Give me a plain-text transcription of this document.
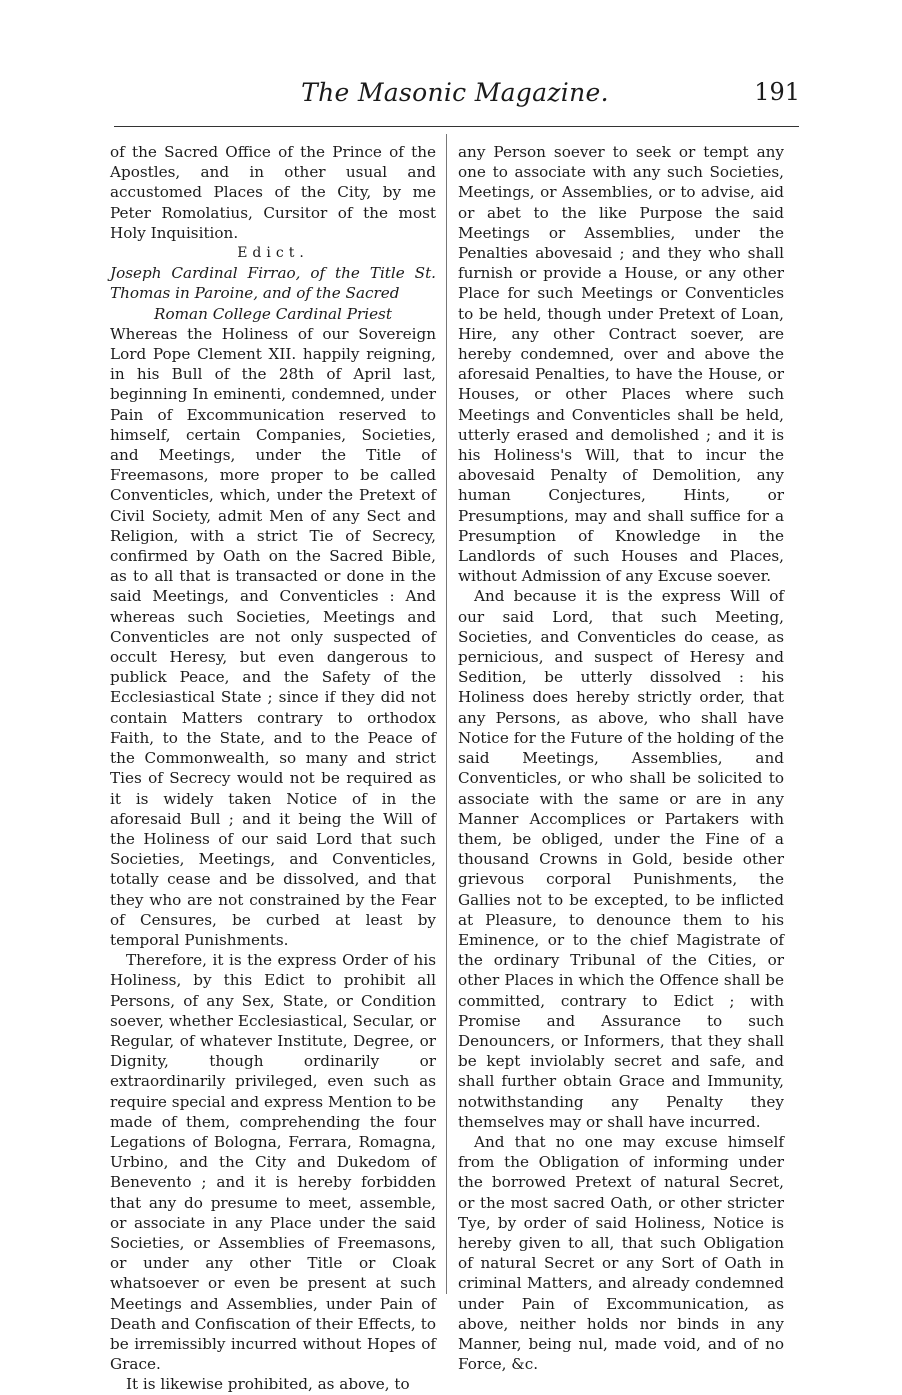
The Masonic Magazine.	191

of the Sacred Office of the Prince of the Apostles, and in other usual and accustomed Places of the City, by me Peter Romolatius, Cursitor of the most Holy Inquisition.

Edict.

Joseph Cardinal Firrao, of the Title St. Thomas in Paroine, and of the Sacred

Roman College Cardinal Priest

Whereas the Holiness of our Sovereign Lord Pope Clement XII. happily reigning, in his Bull of the 28th of April last, beginning In eminenti, condemned, under Pain of Excommunication reserved to himself, certain Companies, Societies, and Meetings, under the Title of Freemasons, more proper to be called Conventicles, which, under the Pretext of Civil Society, admit Men of any Sect and Religion, with a strict Tie of Secrecy, confirmed by Oath on the Sacred Bible, as to all that is transacted or done in the said Meetings, and Conventicles : And whereas such Societies, Meetings and Conventicles are not only suspected of occult Heresy, but even dangerous to publick Peace, and the Safety of the Ecclesiastical State ; since if they did not contain Matters contrary to orthodox Faith, to the State, and to the Peace of the Commonwealth, so many and strict Ties of Secrecy would not be required as it is widely taken Notice of in the aforesaid Bull ; and it being the Will of the Holiness of our said Lord that such Societies, Meetings, and Conventicles, totally cease and be dissolved, and that they who are not constrained by the Fear of Censures, be curbed at least by temporal Punishments.

Therefore, it is the express Order of his Holiness, by this Edict to prohibit all Persons, of any Sex, State, or Condition soever, whether Ecclesiastical, Secular, or Regular, of whatever Institute, Degree, or Dignity, though ordinarily or extraordinarily privileged, even such as require special and express Mention to be made of them, comprehending the four Legations of Bologna, Ferrara, Romagna, Urbino, and the City and Dukedom of Benevento ; and it is hereby forbidden that any do presume to meet, assemble, or associate in any Place under the said Societies, or Assemblies of Freemasons, or under any other Title or Cloak whatsoever or even be present at such Meetings and Assemblies, under Pain of Death and Confiscation of their Effects, to be irremissibly incurred without Hopes of Grace.

It is likewise prohibited, as above, to

any Person soever to seek or tempt any one to associate with any such Societies, Meetings, or Assemblies, or to advise, aid or abet to the like Purpose the said Meetings or Assemblies, under the Penalties abovesaid ; and they who shall furnish or provide a House, or any other Place for such Meetings or Conventicles to be held, though under Pretext of Loan, Hire, any other Contract soever, are hereby condemned, over and above the aforesaid Penalties, to have the House, or Houses, or other Places where such Meetings and Conventicles shall be held, utterly erased and demolished ; and it is his Holiness's Will, that to incur the abovesaid Penalty of Demolition, any human Conjectures, Hints, or Presumptions, may and shall suffice for a Presumption of Knowledge in the Landlords of such Houses and Places, without Admission of any Excuse soever.

And because it is the express Will of our said Lord, that such Meeting, Societies, and Conventicles do cease, as pernicious, and suspect of Heresy and Sedition, be utterly dissolved : his Holiness does hereby strictly order, that any Persons, as above, who shall have Notice for the Future of the holding of the said Meetings, Assemblies, and Conventicles, or who shall be solicited to associate with the same or are in any Manner Accomplices or Partakers with them, be obliged, under the Fine of a thousand Crowns in Gold, beside other grievous corporal Punishments, the Gallies not to be excepted, to be inflicted at Pleasure, to denounce them to his Eminence, or to the chief Magistrate of the ordinary Tribunal of the Cities, or other Places in which the Offence shall be committed, contrary to Edict ; with Promise and Assurance to such Denouncers, or Informers, that they shall be kept inviolably secret and safe, and shall further obtain Grace and Immunity, notwithstanding any Penalty they themselves may or shall have incurred.

And that no one may excuse himself from the Obligation of informing under the borrowed Pretext of natural Secret, or the most sacred Oath, or other stricter Tye, by order of said Holiness, Notice is hereby given to all, that such Obligation of natural Secret or any Sort of Oath in criminal Matters, and already condemned under Pain of Excommunication, as above, neither holds nor binds in any Manner, being nul, made void, and of no Force, &c.
